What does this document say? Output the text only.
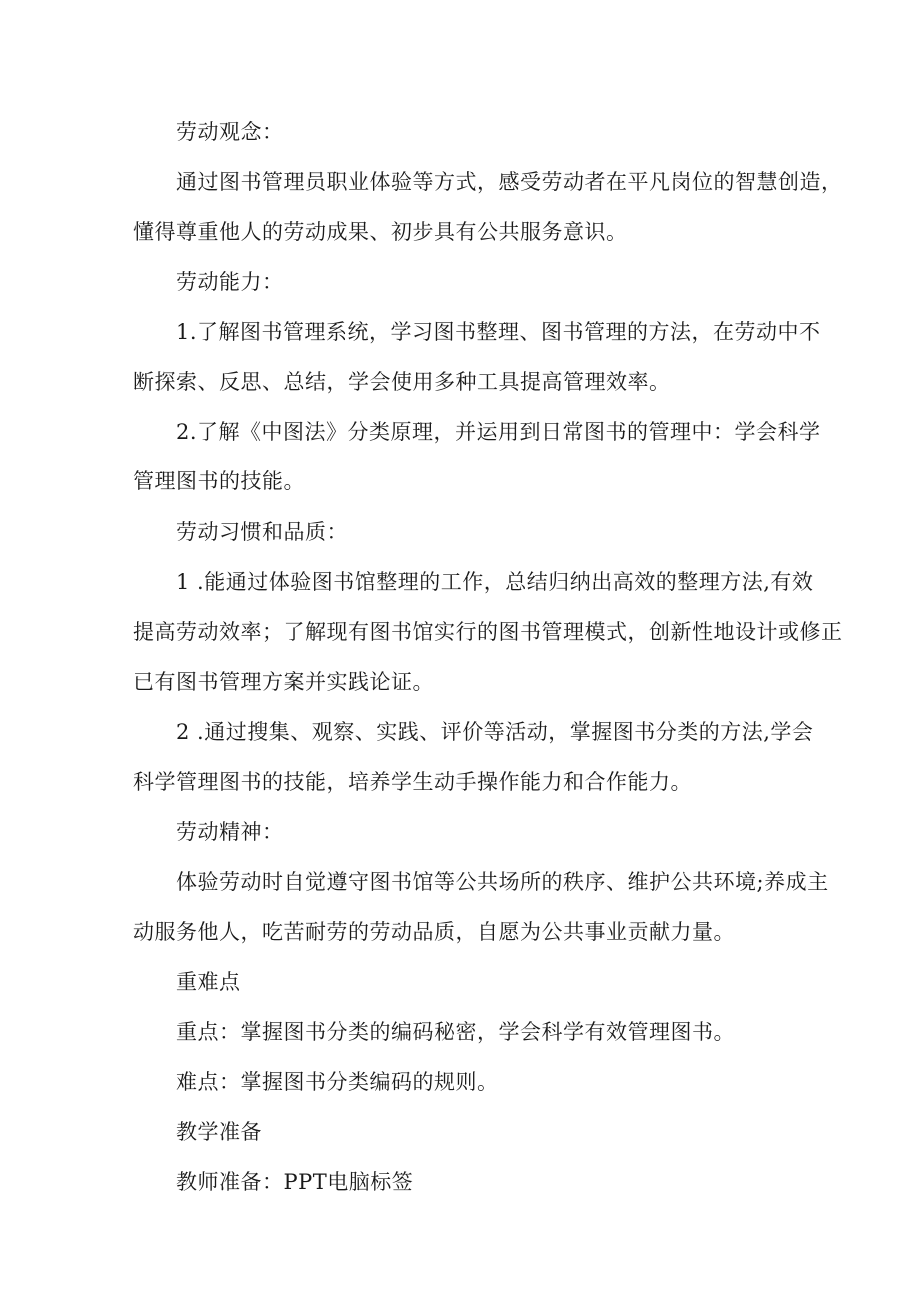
劳动观念：
通过图书管理员职业体验等方式，感受劳动者在平凡岗位的智慧创造，
懂得尊重他人的劳动成果、初步具有公共服务意识。
劳动能力：
1.了解图书管理系统，学习图书整理、图书管理的方法，在劳动中不
断探索、反思、总结，学会使用多种工具提高管理效率。
2.了解《中图法》分类原理，并运用到日常图书的管理中：学会科学
管理图书的技能。
劳动习惯和品质：
1 .能通过体验图书馆整理的工作，总结归纳出高效的整理方法,有效
提高劳动效率；了解现有图书馆实行的图书管理模式，创新性地设计或修正
已有图书管理方案并实践论证。
2 .通过搜集、观察、实践、评价等活动，掌握图书分类的方法,学会
科学管理图书的技能，培养学生动手操作能力和合作能力。
劳动精神：
体验劳动时自觉遵守图书馆等公共场所的秩序、维护公共环境;养成主
动服务他人，吃苦耐劳的劳动品质，自愿为公共事业贡献力量。
重难点
重点：掌握图书分类的编码秘密，学会科学有效管理图书。
难点：掌握图书分类编码的规则。
教学准备
教师准备：PPT电脑标签
